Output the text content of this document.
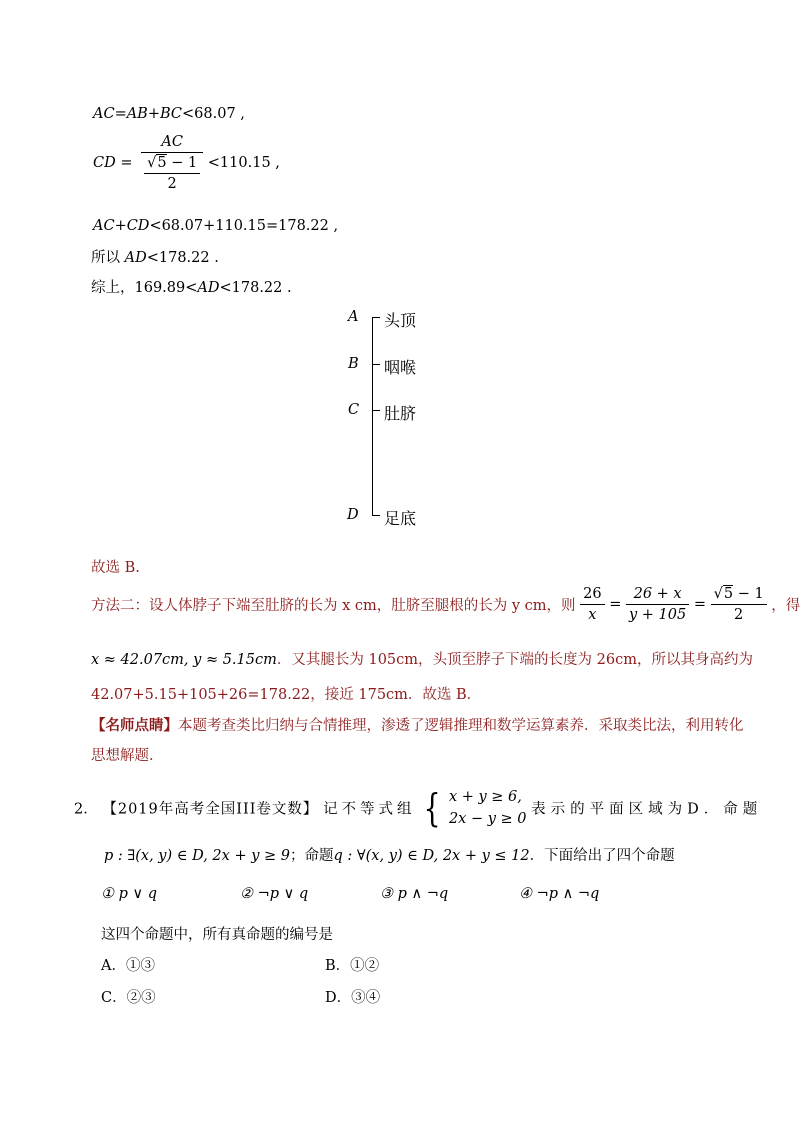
AC=AB+BC<68.07 ,
CD = $\frac{AC}{\frac{√5 - 1}{2}} <110.15$ ,
AC+CD<68.07+110.15=178.22 ,
所以 AD<178.22 .
综上，169.89<AD<178.22 .
A 头顶
B 咽喉
C 肚脐
D 足底
故选 B.
方法二：设人体脖子下端至肚脐的长为 x cm，肚脐至腿根的长为 y cm，则 $\frac{26}{x} = \frac{26 + x}{y + 105} = \frac{√5 - 1}{2}$ ，得
x ≈ 42.07cm, y ≈ 5.15cm．又其腿长为 105cm，头顶至脖子下端的长度为 26cm，所以其身高约为
42.07+5.15+105+26=178.22，接近 175cm．故选 B．
【名师点睛】本题考查类比归纳与合情推理，渗透了逻辑推理和数学运算素养．采取类比法，利用转化
思想解题．
2． 【2019年高考全国III卷文数】 记不等式组 { x + y ≥ 6,
2x − y ≥ 0
表示的平面区域为D．命题
p : ∃(x, y) ∈ D, 2x + y ≥ 9；命题q : ∀(x, y) ∈ D, 2x + y ≤ 12．下面给出了四个命题
① p ∨ q	② ¬p ∨ q	③ p ∧ ¬q	④ ¬p ∧ ¬q
这四个命题中，所有真命题的编号是
A．①③	B．①②
C．②③	D．③④
